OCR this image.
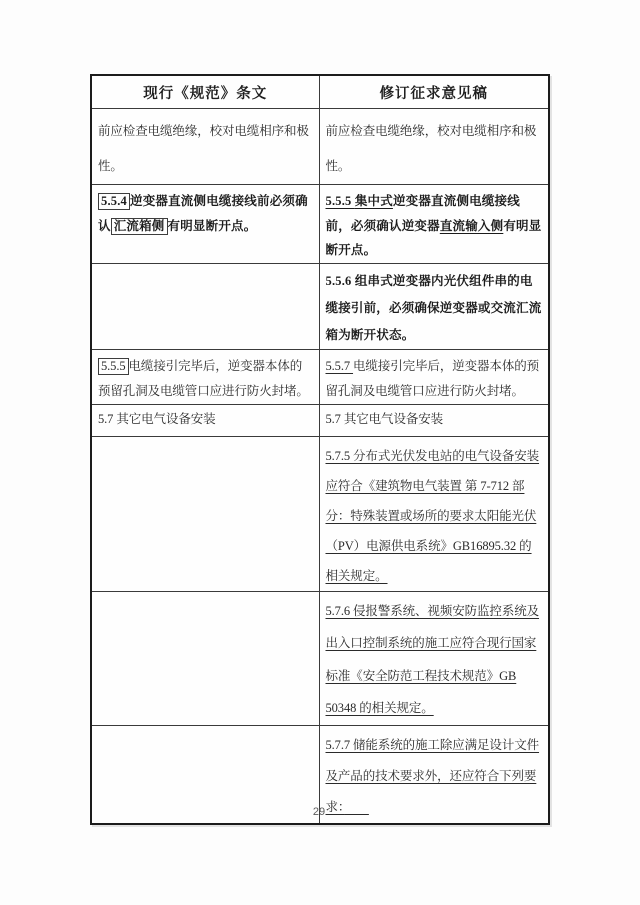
现行《规范》条文	修订征求意见稿
前应检查电缆绝缘，校对电缆相序和极性。	前应检查电缆绝缘，校对电缆相序和极性。
5.5.4 逆变器直流侧电缆接线前必须确认 汇流箱侧 有明显断开点。	5.5.5 集中式逆变器直流侧电缆接线前，必须确认逆变器直流输入侧有明显断开点。
	5.5.6 组串式逆变器内光伏组件串的电缆接引前，必须确保逆变器或交流汇流箱为断开状态。
5.5.5 电缆接引完毕后，逆变器本体的预留孔洞及电缆管口应进行防火封堵。	5.5.7 电缆接引完毕后，逆变器本体的预留孔洞及电缆管口应进行防火封堵。
5.7 其它电气设备安装	5.7 其它电气设备安装
	5.7.5 分布式光伏发电站的电气设备安装应符合《建筑物电气装置 第 7-712 部分：特殊装置或场所的要求太阳能光伏（PV）电源供电系统》GB16895.32 的相关规定。
	5.7.6 侵报警系统、视频安防监控系统及出入口控制系统的施工应符合现行国家标准《安全防范工程技术规范》GB 50348 的相关规定。
	5.7.7 储能系统的施工除应满足设计文件及产品的技术要求外，还应符合下列要求：　　
29
